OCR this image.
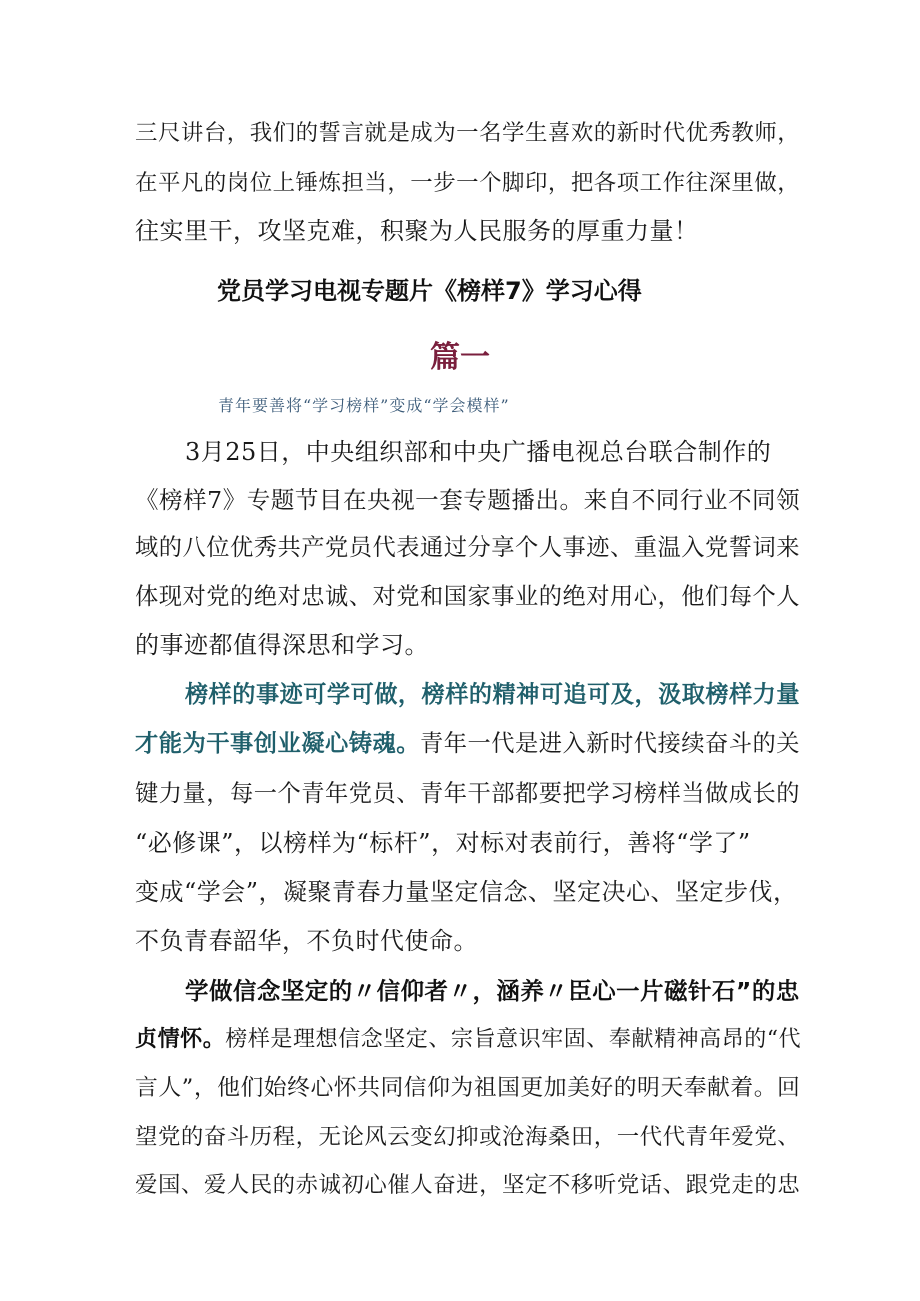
三尺讲台，我们的誓言就是成为一名学生喜欢的新时代优秀教师，
在平凡的岗位上锤炼担当，一步一个脚印，把各项工作往深里做，
往实里干，攻坚克难，积聚为人民服务的厚重力量！
党员学习电视专题片《榜样7》学习心得
篇一
青年要善将“学习榜样”变成“学会模样”
3月25日，中央组织部和中央广播电视总台联合制作的
《榜样7》专题节目在央视一套专题播出。来自不同行业不同领
域的八位优秀共产党员代表通过分享个人事迹、重温入党誓词来
体现对党的绝对忠诚、对党和国家事业的绝对用心，他们每个人
的事迹都值得深思和学习。
榜样的事迹可学可做，榜样的精神可追可及，汲取榜样力量
才能为干事创业凝心铸魂。青年一代是进入新时代接续奋斗的关
键力量，每一个青年党员、青年干部都要把学习榜样当做成长的
“必修课”，以榜样为“标杆”，对标对表前行，善将“学了”
变成“学会”，凝聚青春力量坚定信念、坚定决心、坚定步伐，
不负青春韶华，不负时代使命。
学做信念坚定的〃信仰者〃，涵养〃臣心一片磁针石”的忠
贞情怀。榜样是理想信念坚定、宗旨意识牢固、奉献精神高昂的“代
言人”，他们始终心怀共同信仰为祖国更加美好的明天奉献着。回
望党的奋斗历程，无论风云变幻抑或沧海桑田，一代代青年爱党、
爱国、爱人民的赤诚初心催人奋进，坚定不移听党话、跟党走的忠
